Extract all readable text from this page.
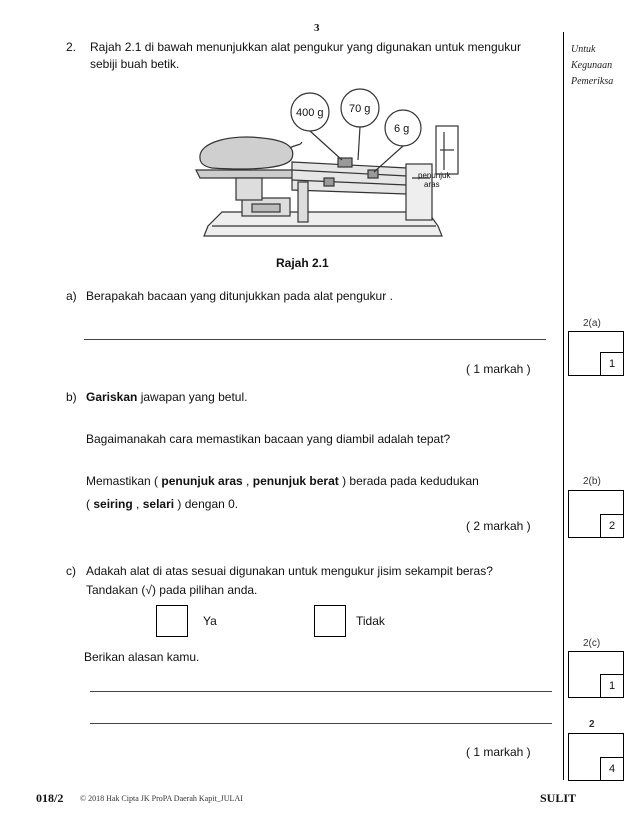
3
Untuk
Kegunaan
Pemeriksa
2. Rajah 2.1 di bawah menunjukkan alat pengukur yang digunakan untuk mengukur
sebiji buah betik.
400 g 70 g
6 g
penunjuk
aras
Rajah 2.1
a) Berapakah bacaan yang ditunjukkan pada alat pengukur .
( 1 markah )
b) Gariskan jawapan yang betul.
Bagaimanakah cara memastikan bacaan yang diambil adalah tepat?
Memastikan ( penunjuk aras , penunjuk berat ) berada pada kedudukan
( seiring , selari ) dengan 0.
( 2 markah )
c) Adakah alat di atas sesuai digunakan untuk mengukur jisim sekampit beras?
Tandakan (√) pada pilihan anda.
Ya	Tidak
Berikan alasan kamu.
( 1 markah )
2(a)
1
2(b)
2
2(c)
1
2
4
018/2 © 2018 Hak Cipta JK ProPA Daerah Kapit_JULAI	SULIT
